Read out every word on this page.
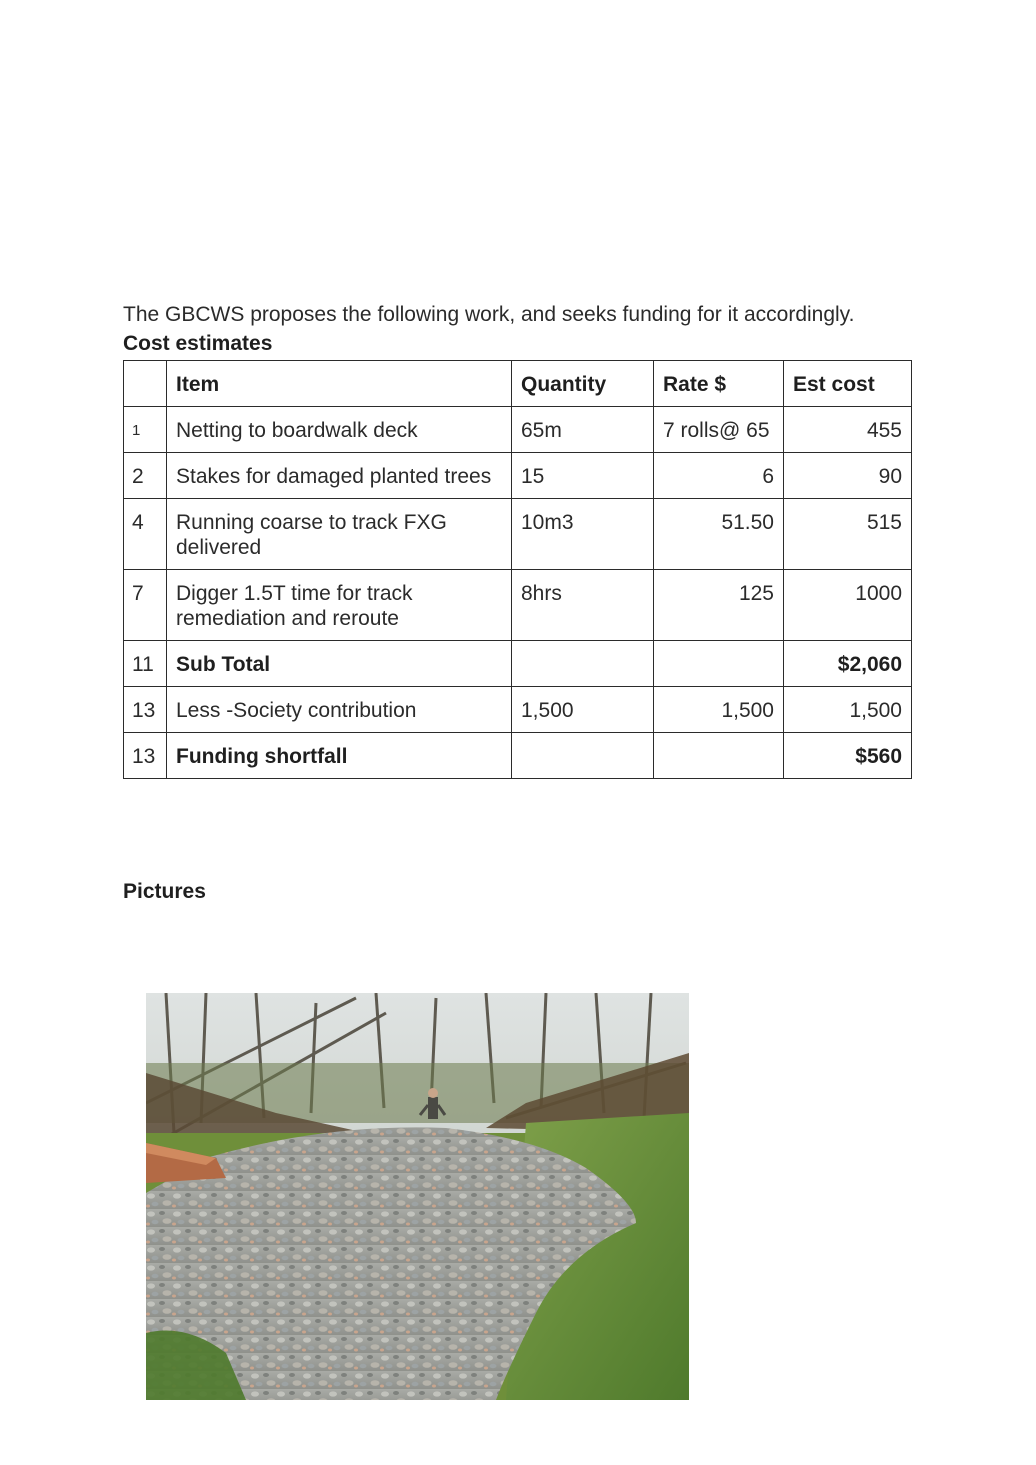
The GBCWS proposes the following work, and seeks funding for it accordingly.

Cost estimates

	Item	Quantity	Rate $	Est cost
1	Netting to boardwalk deck	65m	7 rolls@ 65	455
2	Stakes for damaged planted trees	15	6	90
4	Running coarse to track FXG delivered	10m3	51.50	515
7	Digger 1.5T time for track remediation and reroute	8hrs	125	1000
11	Sub Total			$2,060
13	Less -Society contribution	1,500	1,500	1,500
13	Funding shortfall			$560

Pictures
